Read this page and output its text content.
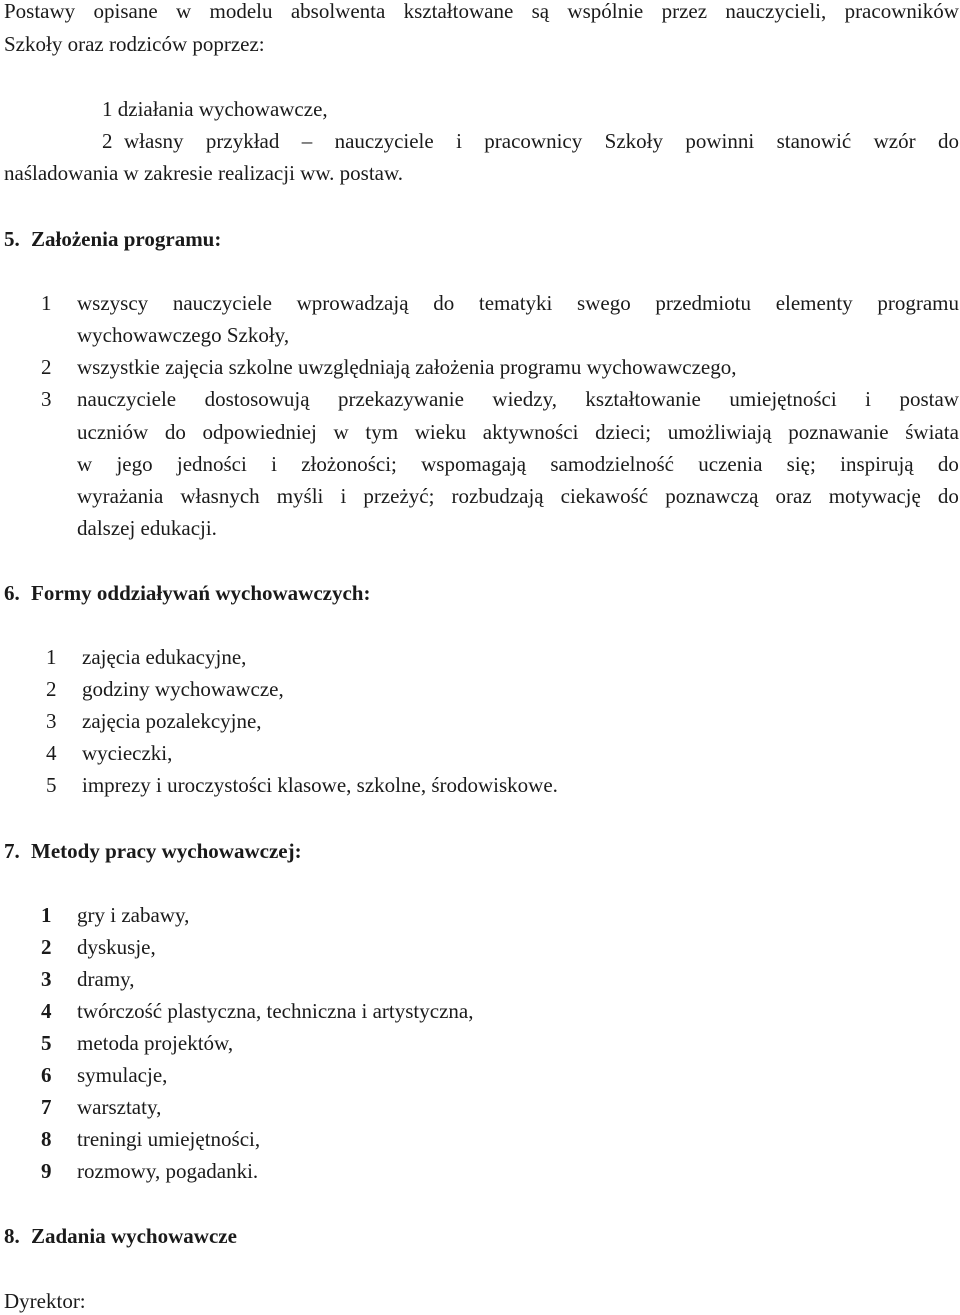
Postawy opisane w modelu absolwenta kształtowane są wspólnie przez nauczycieli, pracowników
Szkoły oraz rodziców poprzez:
1 działania wychowawcze,
2 własny przykład – nauczyciele i pracownicy Szkoły powinni stanowić wzór do
naśladowania w zakresie realizacji ww. postaw.
5. Założenia programu:
1 wszyscy nauczyciele wprowadzają do tematyki swego przedmiotu elementy programu
wychowawczego Szkoły,
2 wszystkie zajęcia szkolne uwzględniają założenia programu wychowawczego,
3 nauczyciele dostosowują przekazywanie wiedzy, kształtowanie umiejętności i postaw
uczniów do odpowiedniej w tym wieku aktywności dzieci; umożliwiają poznawanie świata
w jego jedności i złożoności; wspomagają samodzielność uczenia się; inspirują do
wyrażania własnych myśli i przeżyć; rozbudzają ciekawość poznawczą oraz motywację do
dalszej edukacji.
6. Formy oddziaływań wychowawczych:
1 zajęcia edukacyjne,
2 godziny wychowawcze,
3 zajęcia pozalekcyjne,
4 wycieczki,
5 imprezy i uroczystości klasowe, szkolne, środowiskowe.
7. Metody pracy wychowawczej:
1 gry i zabawy,
2 dyskusje,
3 dramy,
4 twórczość plastyczna, techniczna i artystyczna,
5 metoda projektów,
6 symulacje,
7 warsztaty,
8 treningi umiejętności,
9 rozmowy, pogadanki.
8. Zadania wychowawcze
Dyrektor:
